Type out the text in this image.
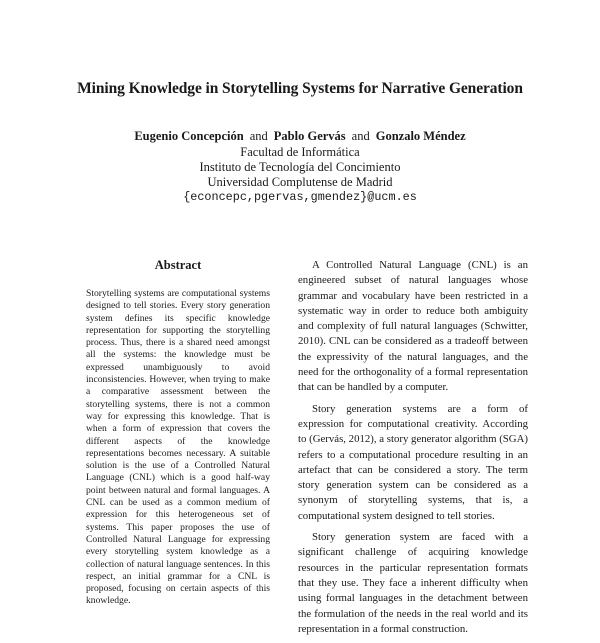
Mining Knowledge in Storytelling Systems for Narrative Generation
Eugenio Concepción and Pablo Gervás and Gonzalo Méndez
Facultad de Informática
Instituto de Tecnología del Concimiento
Universidad Complutense de Madrid
{econcepc,pgervas,gmendez}@ucm.es
Abstract
Storytelling systems are computational systems designed to tell stories. Every story generation system defines its specific knowledge representation for supporting the storytelling process. Thus, there is a shared need amongst all the systems: the knowledge must be expressed unambiguously to avoid inconsistencies. However, when trying to make a comparative assessment between the storytelling systems, there is not a common way for expressing this knowledge. That is when a form of expression that covers the different aspects of the knowledge representations becomes necessary. A suitable solution is the use of a Controlled Natural Language (CNL) which is a good half-way point between natural and formal languages. A CNL can be used as a common medium of expression for this heterogeneous set of systems. This paper proposes the use of Controlled Natural Language for expressing every storytelling system knowledge as a collection of natural language sentences. In this respect, an initial grammar for a CNL is proposed, focusing on certain aspects of this knowledge.

A Controlled Natural Language (CNL) is an engineered subset of natural languages whose grammar and vocabulary have been restricted in a systematic way in order to reduce both ambiguity and complexity of full natural languages (Schwitter, 2010). CNL can be considered as a tradeoff between the expressivity of the natural languages, and the need for the orthogonality of a formal representation that can be handled by a computer.

Story generation systems are a form of expression for computational creativity. According to (Gervás, 2012), a story generator algorithm (SGA) refers to a computational procedure resulting in an artefact that can be considered a story. The term story generation system can be considered as a synonym of storytelling systems, that is, a computational system designed to tell stories.

Story generation system are faced with a significant challenge of acquiring knowledge resources in the particular representation formats that they use. They face a inherent difficulty when using formal languages in the detachment between the formulation of the needs in the real world and its representation in a formal construction.
